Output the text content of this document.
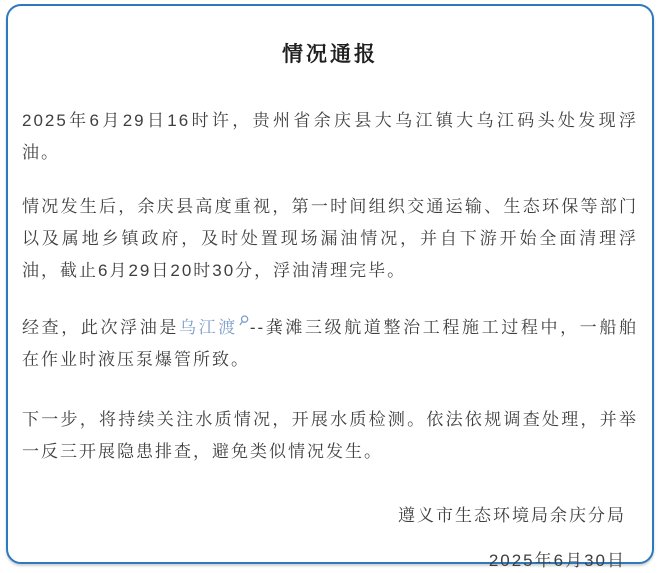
情况通报

2025年6月29日16时许，贵州省余庆县大乌江镇大乌江码头处发现浮油。

情况发生后，余庆县高度重视，第一时间组织交通运输、生态环保等部门以及属地乡镇政府，及时处置现场漏油情况，并自下游开始全面清理浮油，截止6月29日20时30分，浮油清理完毕。

经查，此次浮油是乌江渡 --龚滩三级航道整治工程施工过程中，一船舶在作业时液压泵爆管所致。

下一步，将持续关注水质情况，开展水质检测。依法依规调查处理，并举一反三开展隐患排查，避免类似情况发生。

遵义市生态环境局余庆分局
2025年6月30日
